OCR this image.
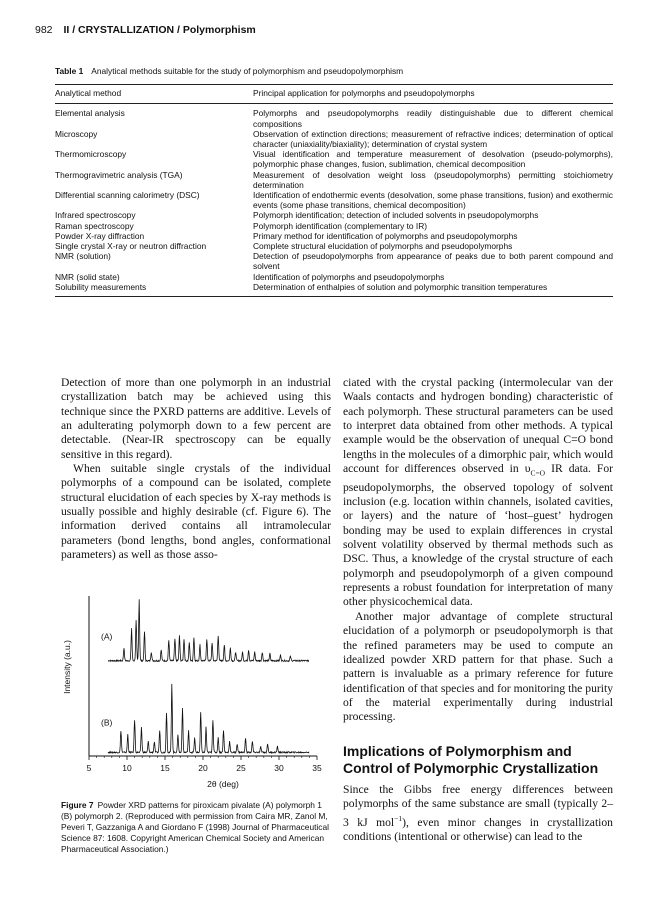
982 II / CRYSTALLIZATION / Polymorphism
Table 1 Analytical methods suitable for the study of polymorphism and pseudopolymorphism
Analytical method	Principal application for polymorphs and pseudopolymorphs
Elemental analysis	Polymorphs and pseudopolymorphs readily distinguishable due to different chemical compositions
Microscopy	Observation of extinction directions; measurement of refractive indices; determination of optical character (uniaxiality/biaxiality); determination of crystal system
Thermomicroscopy	Visual identification and temperature measurement of desolvation (pseudo-polymorphs), polymorphic phase changes, fusion, sublimation, chemical decomposition
Thermogravimetric analysis (TGA)	Measurement of desolvation weight loss (pseudopolymorphs) permitting stoichiometry determination
Differential scanning calorimetry (DSC)	Identification of endothermic events (desolvation, some phase transitions, fusion) and exothermic events (some phase transitions, chemical decomposition)
Infrared spectroscopy	Polymorph identification; detection of included solvents in pseudopolymorphs
Raman spectroscopy	Polymorph identification (complementary to IR)
Powder X-ray diffraction	Primary method for identification of polymorphs and pseudopolymorphs
Single crystal X-ray or neutron diffraction	Complete structural elucidation of polymorphs and pseudopolymorphs
NMR (solution)	Detection of pseudopolymorphs from appearance of peaks due to both parent compound and solvent
NMR (solid state)	Identification of polymorphs and pseudopolymorphs
Solubility measurements	Determination of enthalpies of solution and polymorphic transition temperatures

Detection of more than one polymorph in an industrial crystallization batch may be achieved using this technique since the PXRD patterns are additive. Levels of an adulterating polymorph down to a few percent are detectable. (Near-IR spectroscopy can be equally sensitive in this regard).

When suitable single crystals of the individual polymorphs of a compound can be isolated, complete structural elucidation of each species by X-ray methods is usually possible and highly desirable (cf. Figure 6). The information derived contains all intramolecular parameters (bond lengths, bond angles, conformational parameters) as well as those asso-

5	10	15	20	25	30	35
(A)
(B)
Intensity (a.u.)
2θ (deg)
Figure 7 Powder XRD patterns for piroxicam pivalate (A) polymorph 1 (B) polymorph 2. (Reproduced with permission from Caira MR, Zanol M, Peveri T, Gazzaniga A and Giordano F (1998) Journal of Pharmaceutical Science 87: 1608. Copyright American Chemical Society and American Pharmaceutical Association.)

ciated with the crystal packing (intermolecular van der Waals contacts and hydrogen bonding) characteristic of each polymorph. These structural parameters can be used to interpret data obtained from other methods. A typical example would be the observation of unequal C=O bond lengths in the molecules of a dimorphic pair, which would account for differences observed in $\upsilon_{C=O}$ IR data. For pseudopolymorphs, the observed topology of solvent inclusion (e.g. location within channels, isolated cavities, or layers) and the nature of ‘host–guest’ hydrogen bonding may be used to explain differences in crystal solvent volatility observed by thermal methods such as DSC. Thus, a knowledge of the crystal structure of each polymorph and pseudopolymorph of a given compound represents a robust foundation for interpretation of many other physicochemical data.

Another major advantage of complete structural elucidation of a polymorph or pseudopolymorph is that the refined parameters may be used to compute an idealized powder XRD pattern for that phase. Such a pattern is invaluable as a primary reference for future identification of that species and for monitoring the purity of the material experimentally during industrial processing.

Implications of Polymorphism and Control of Polymorphic Crystallization

Since the Gibbs free energy differences between polymorphs of the same substance are small (typically 2–3 kJ mol$^{-1}$), even minor changes in crystallization conditions (intentional or otherwise) can lead to the
